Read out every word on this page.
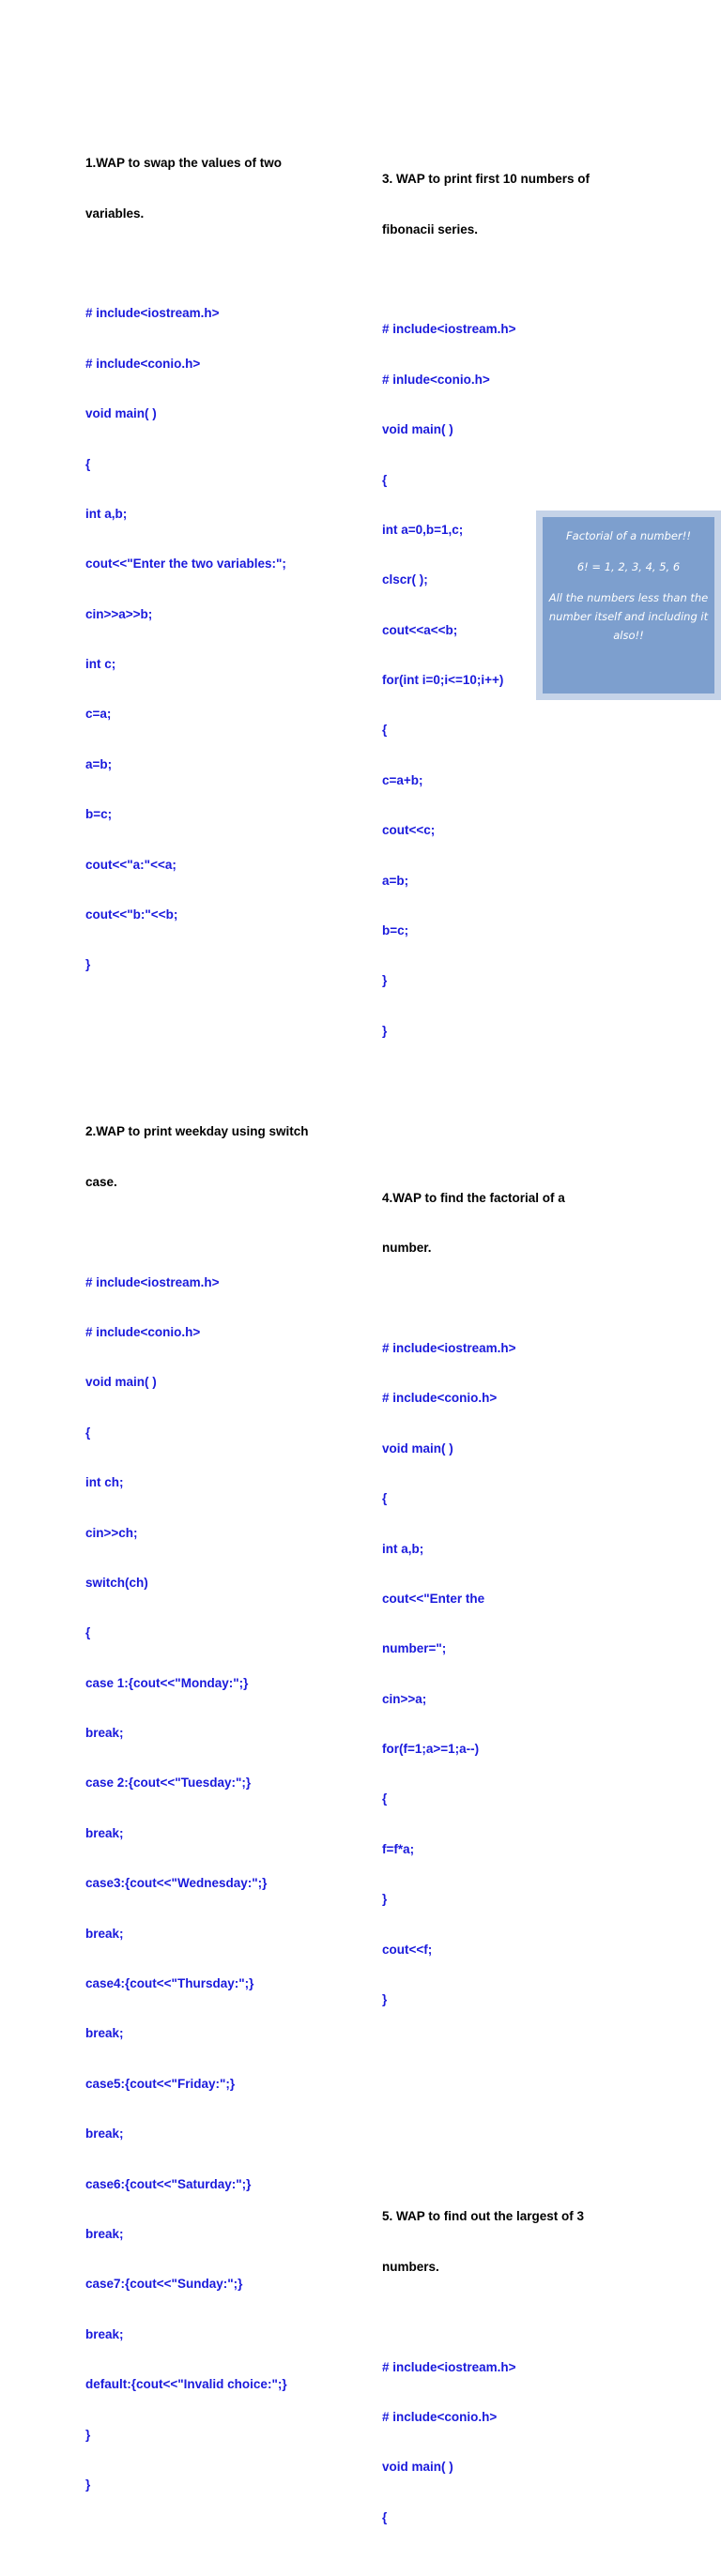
1.WAP to swap the values of two

variables.

# include<iostream.h>

# include<conio.h>

void main( )

{

int a,b;

cout<<"Enter the two variables:";

cin>>a>>b;

int c;

c=a;

a=b;

b=c;

cout<<"a:"<<a;

cout<<"b:"<<b;

}

2.WAP to print weekday using switch

case.

# include<iostream.h>

# include<conio.h>

void main( )

{

int ch;

cin>>ch;

switch(ch)

{

case 1:{cout<<"Monday:";}

break;

case 2:{cout<<"Tuesday:";}

break;

case3:{cout<<"Wednesday:";}

break;

case4:{cout<<"Thursday:";}

break;

case5:{cout<<"Friday:";}

break;

case6:{cout<<"Saturday:";}

break;

case7:{cout<<"Sunday:";}

break;

default:{cout<<"Invalid choice:";}

}

}

3. WAP to print first 10 numbers of

fibonacii series.

# include<iostream.h>

# inlude<conio.h>

void main( )

{

int a=0,b=1,c;

clscr( );

cout<<a<<b;

for(int i=0;i<=10;i++)

{

c=a+b;

cout<<c;

a=b;

b=c;

}

}

4.WAP to find the factorial of a

number.

# include<iostream.h>

# include<conio.h>

void main( )

{

int a,b;

cout<<"Enter the

number=";

cin>>a;

for(f=1;a>=1;a--)

{

f=f*a;

}

cout<<f;

}

5. WAP to find out the largest of 3

numbers.

# include<iostream.h>

# include<conio.h>

void main( )

{

Factorial of a number!!
6! = 1, 2, 3, 4, 5, 6
All the numbers less than the
number itself and including it
also!!
